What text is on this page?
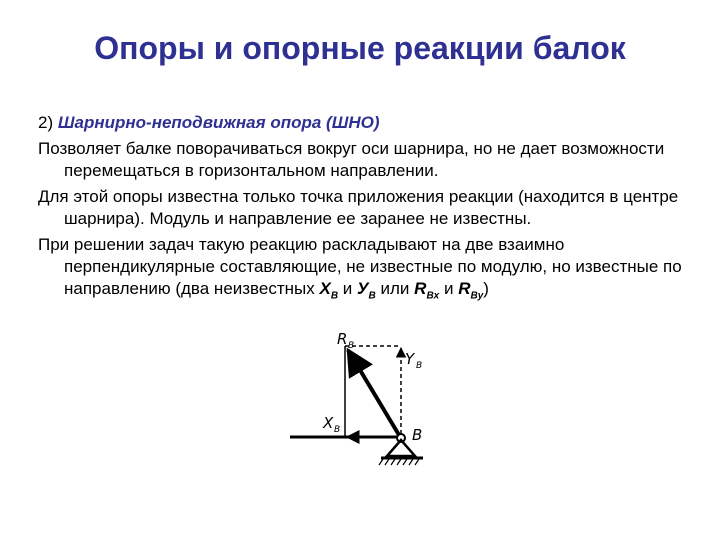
Опоры и опорные реакции балок

2) Шарнирно-неподвижная опора (ШНО)

Позволяет балке поворачиваться вокруг оси шарнира, но не дает возможности перемещаться в горизонтальном направлении.

Для этой опоры известна только точка приложения реакции (находится в центре шарнира). Модуль и направление ее заранее не известны.

При решении задач такую реакцию раскладывают на две взаимно перпендикулярные составляющие, не известные по модулю, но известные по направлению (два неизвестных $X_B$ и $У_B$ или $R_{Bx}$ и $R_{By}$)

R B
Y B
X B	B
